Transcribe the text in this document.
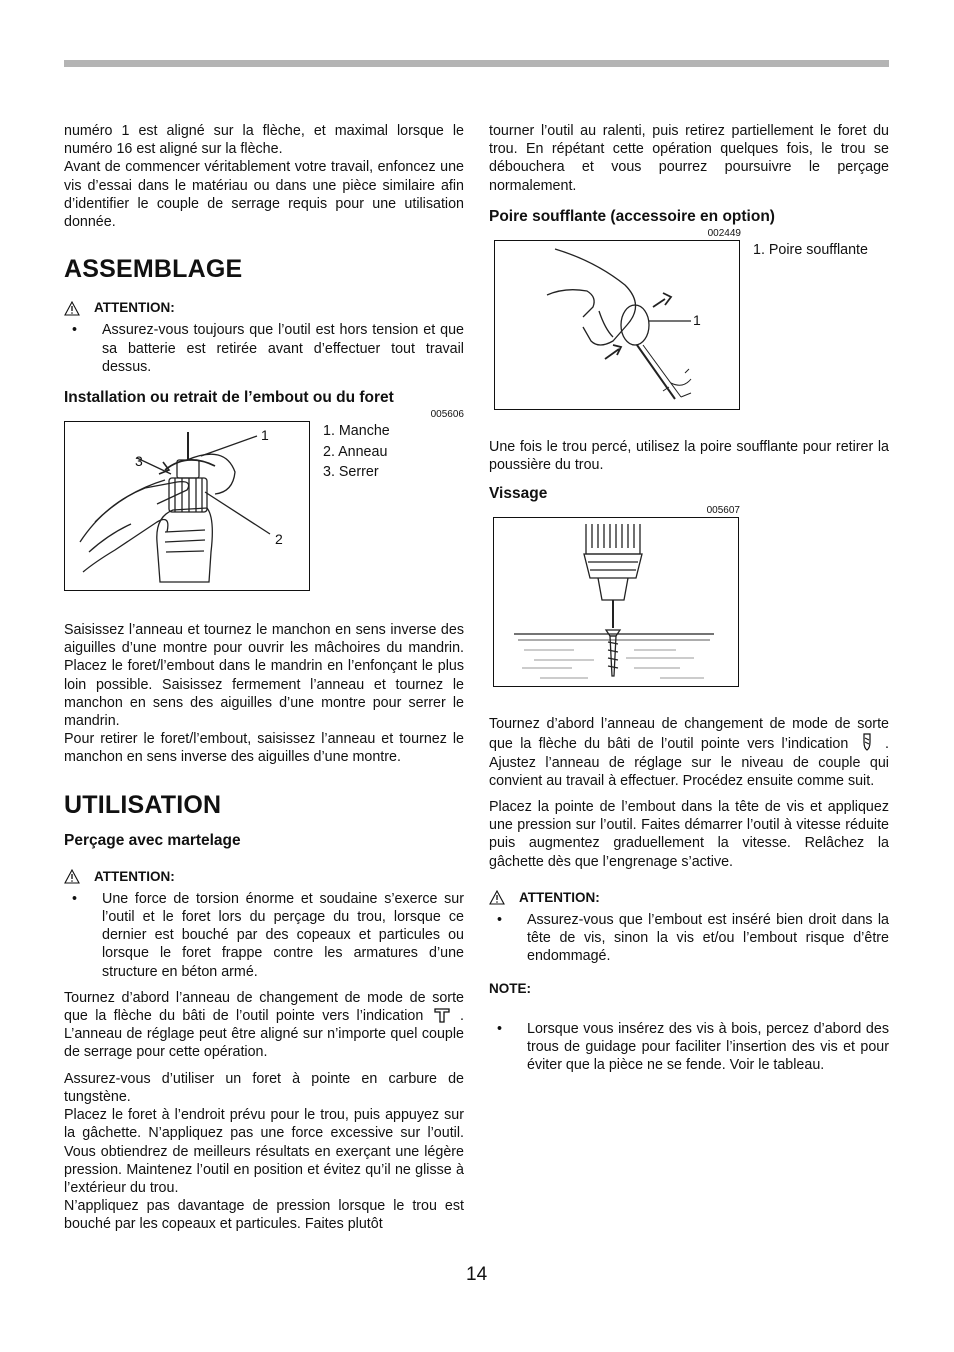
numéro 1 est aligné sur la flèche, et maximal lorsque le numéro 16 est aligné sur la flèche.

Avant de commencer véritablement votre travail, enfoncez une vis d’essai dans le matériau ou dans une pièce similaire afin d’identifier le couple de serrage requis pour une utilisation donnée.

ASSEMBLAGE
ATTENTION:
• Assurez-vous toujours que l’outil est hors tension et que sa batterie est retirée avant d’effectuer tout travail dessus.
Installation ou retrait de l’embout ou du foret
005606
1
2
3
1. Manche
2. Anneau
3. Serrer

Saisissez l’anneau et tournez le manchon en sens inverse des aiguilles d’une montre pour ouvrir les mâchoires du mandrin. Placez le foret/l’embout dans le mandrin en l’enfonçant le plus loin possible. Saisissez fermement l’anneau et tournez le manchon en sens des aiguilles d’une montre pour serrer le mandrin.

Pour retirer le foret/l’embout, saisissez l’anneau et tournez le manchon en sens inverse des aiguilles d’une montre.

UTILISATION
Perçage avec martelage
ATTENTION:
• Une force de torsion énorme et soudaine s’exerce sur l’outil et le foret lors du perçage du trou, lorsque ce dernier est bouché par des copeaux et particules ou lorsque le foret frappe contre les armatures d’une structure en béton armé.

Tournez d’abord l’anneau de changement de mode de sorte que la flèche du bâti de l’outil pointe vers l’indication	. L’anneau de réglage peut être aligné sur n’importe quel couple de serrage pour cette opération.

Assurez-vous d’utiliser un foret à pointe en carbure de tungstène.

Placez le foret à l’endroit prévu pour le trou, puis appuyez sur la gâchette. N’appliquez pas une force excessive sur l’outil. Vous obtiendrez de meilleurs résultats en exerçant une légère pression. Maintenez l’outil en position et évitez qu’il ne glisse à l’extérieur du trou.

N’appliquez pas davantage de pression lorsque le trou est bouché par les copeaux et particules. Faites plutôt

tourner l’outil au ralenti, puis retirez partiellement le foret du trou. En répétant cette opération quelques fois, le trou se débouchera et vous pourrez poursuivre le perçage normalement.

Poire soufflante (accessoire en option)
002449
1
1. Poire soufflante

Une fois le trou percé, utilisez la poire soufflante pour retirer la poussière du trou.

Vissage
005607

Tournez d’abord l’anneau de changement de mode de sorte que la flèche du bâti de l’outil pointe vers l’indication	. Ajustez l’anneau de réglage sur le niveau de couple qui convient au travail à effectuer. Procédez ensuite comme suit.

Placez la pointe de l’embout dans la tête de vis et appliquez une pression sur l’outil. Faites démarrer l’outil à vitesse réduite puis augmentez graduellement la vitesse. Relâchez la gâchette dès que l’engrenage s’active.

ATTENTION:
• Assurez-vous que l’embout est inséré bien droit dans la tête de vis, sinon la vis et/ou l’embout risque d’être endommagé.
NOTE:
• Lorsque vous insérez des vis à bois, percez d’abord des trous de guidage pour faciliter l’insertion des vis et pour éviter que la pièce ne se fende. Voir le tableau.
14
